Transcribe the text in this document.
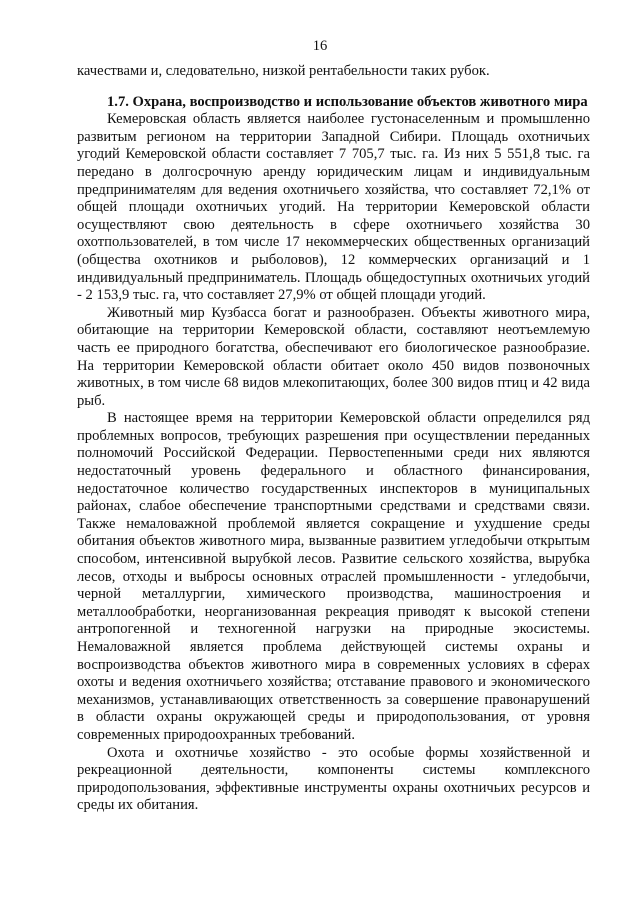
16

качествами и, следовательно, низкой рентабельности таких рубок.

1.7. Охрана, воспроизводство и использование объектов животного мира

Кемеровская область является наиболее густонаселенным и промышленно развитым регионом на территории Западной Сибири. Площадь охотничьих угодий Кемеровской области составляет 7 705,7 тыс. га. Из них 5 551,8 тыс. га передано в долгосрочную аренду юридическим лицам и индивидуальным предпринимателям для ведения охотничьего хозяйства, что составляет 72,1% от общей площади охотничьих угодий. На территории Кемеровской области осуществляют свою деятельность в сфере охотничьего хозяйства 30 охотпользователей, в том числе 17 некоммерческих общественных организаций (общества охотников и рыболовов), 12 коммерческих организаций и 1 индивидуальный предприниматель. Площадь общедоступных охотничьих угодий - 2 153,9 тыс. га, что составляет 27,9% от общей площади угодий.

Животный мир Кузбасса богат и разнообразен. Объекты животного мира, обитающие на территории Кемеровской области, составляют неотъемлемую часть ее природного богатства, обеспечивают его биологическое разнообразие. На территории Кемеровской области обитает около 450 видов позвоночных животных, в том числе 68 видов млекопитающих, более 300 видов птиц и 42 вида рыб.

В настоящее время на территории Кемеровской области определился ряд проблемных вопросов, требующих разрешения при осуществлении переданных полномочий Российской Федерации. Первостепенными среди них являются недостаточный уровень федерального и областного финансирования, недостаточное количество государственных инспекторов в муниципальных районах, слабое обеспечение транспортными средствами и средствами связи. Также немаловажной проблемой является сокращение и ухудшение среды обитания объектов животного мира, вызванные развитием угледобычи открытым способом, интенсивной вырубкой лесов. Развитие сельского хозяйства, вырубка лесов, отходы и выбросы основных отраслей промышленности - угледобычи, черной металлургии, химического производства, машиностроения и металлообработки, неорганизованная рекреация приводят к высокой степени антропогенной и техногенной нагрузки на природные экосистемы. Немаловажной является проблема действующей системы охраны и воспроизводства объектов животного мира в современных условиях в сферах охоты и ведения охотничьего хозяйства; отставание правового и экономического механизмов, устанавливающих ответственность за совершение правонарушений в области охраны окружающей среды и природопользования, от уровня современных природоохранных требований.

Охота и охотничье хозяйство - это особые формы хозяйственной и рекреационной деятельности, компоненты системы комплексного природопользования, эффективные инструменты охраны охотничьих ресурсов и среды их обитания.
